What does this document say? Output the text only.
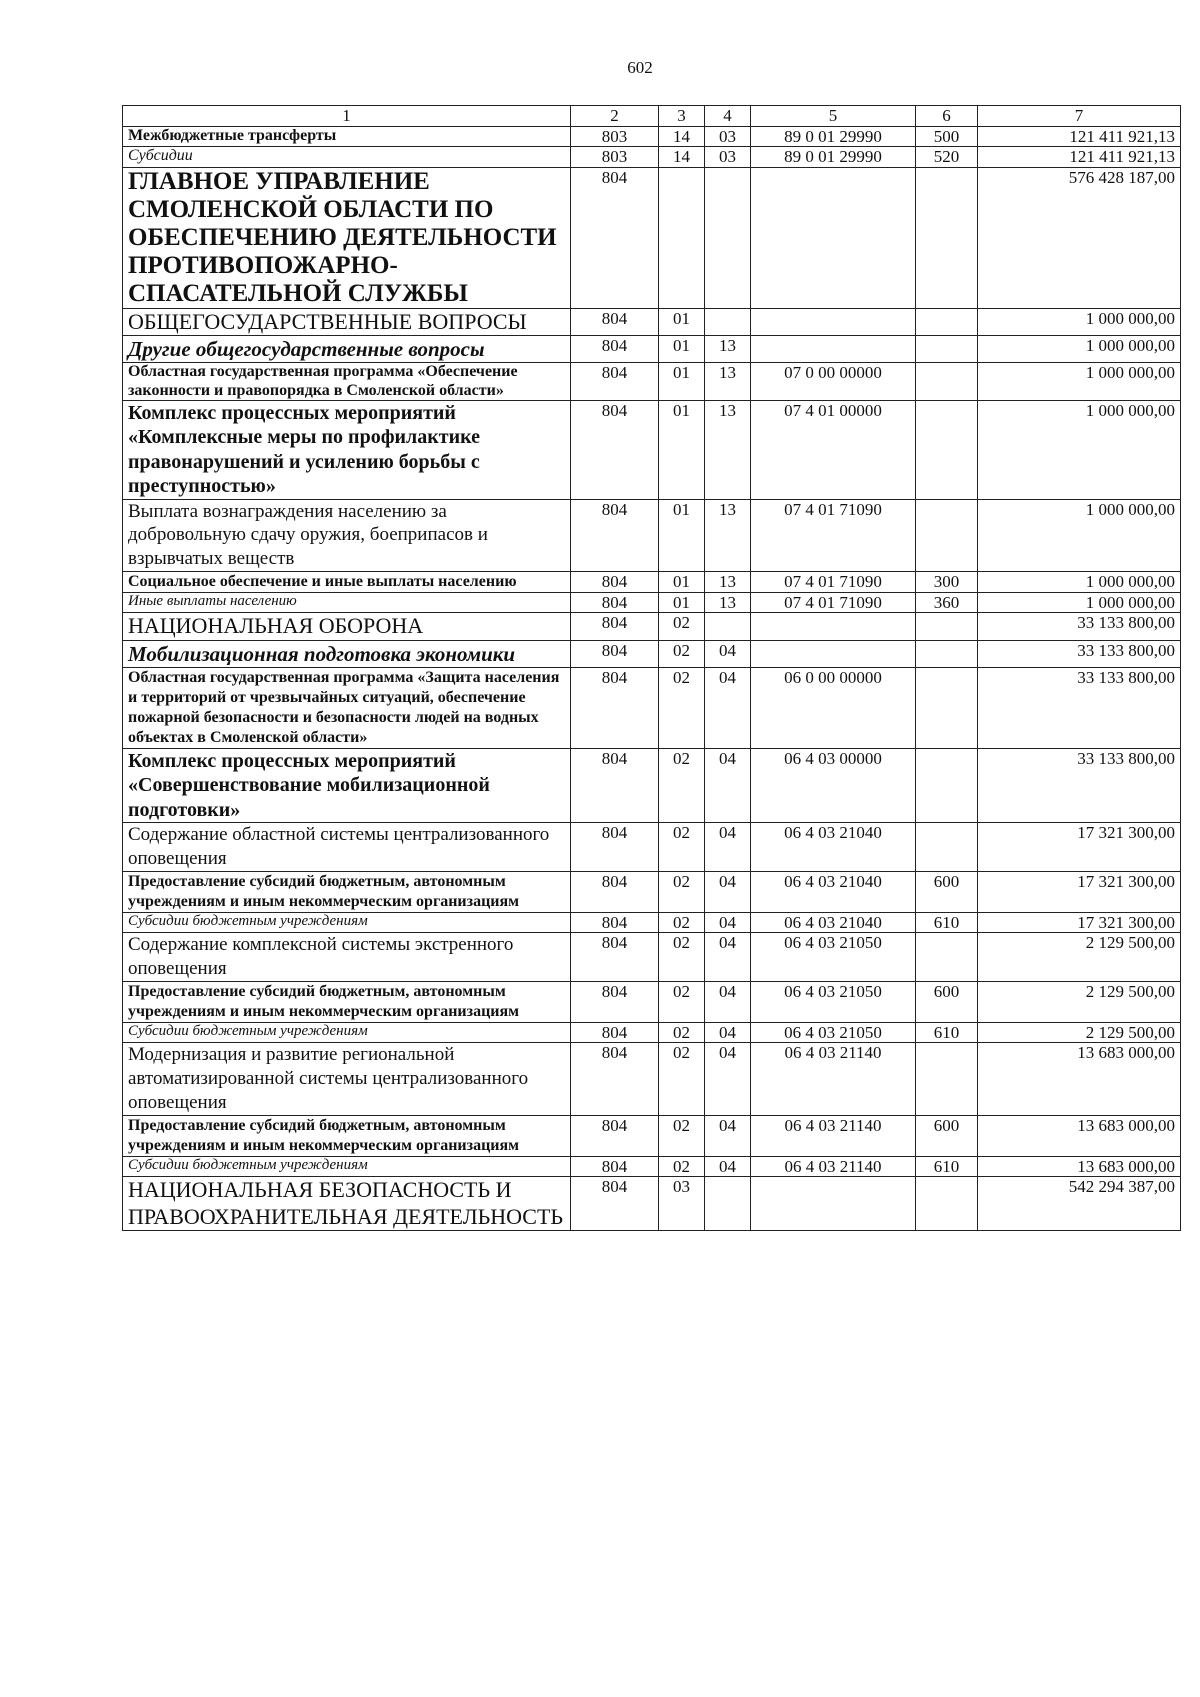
602
1	2	3	4	5	6	7
Межбюджетные трансферты	803	14	03	89 0 01 29990	500	121 411 921,13
Субсидии	803	14	03	89 0 01 29990	520	121 411 921,13
ГЛАВНОЕ УПРАВЛЕНИЕ СМОЛЕНСКОЙ ОБЛАСТИ ПО ОБЕСПЕЧЕНИЮ ДЕЯТЕЛЬНОСТИ ПРОТИВОПОЖАРНО-СПАСАТЕЛЬНОЙ СЛУЖБЫ	804					576 428 187,00
ОБЩЕГОСУДАРСТВЕННЫЕ ВОПРОСЫ	804	01				1 000 000,00
Другие общегосударственные вопросы	804	01	13			1 000 000,00
Областная государственная программа «Обеспечение законности и правопорядка в Смоленской области»	804	01	13	07 0 00 00000		1 000 000,00
Комплекс процессных мероприятий «Комплексные меры по профилактике правонарушений и усилению борьбы с преступностью»	804	01	13	07 4 01 00000		1 000 000,00
Выплата вознаграждения населению за добровольную сдачу оружия, боеприпасов и взрывчатых веществ	804	01	13	07 4 01 71090		1 000 000,00
Социальное обеспечение и иные выплаты населению	804	01	13	07 4 01 71090	300	1 000 000,00
Иные выплаты населению	804	01	13	07 4 01 71090	360	1 000 000,00
НАЦИОНАЛЬНАЯ ОБОРОНА	804	02				33 133 800,00
Мобилизационная подготовка экономики	804	02	04			33 133 800,00
Областная государственная программа «Защита населения и территорий от чрезвычайных ситуаций, обеспечение пожарной безопасности и безопасности людей на водных объектах в Смоленской области»	804	02	04	06 0 00 00000		33 133 800,00
Комплекс процессных мероприятий «Совершенствование мобилизационной подготовки»	804	02	04	06 4 03 00000		33 133 800,00
Содержание областной системы централизованного оповещения	804	02	04	06 4 03 21040		17 321 300,00
Предоставление субсидий бюджетным, автономным учреждениям и иным некоммерческим организациям	804	02	04	06 4 03 21040	600	17 321 300,00
Субсидии бюджетным учреждениям	804	02	04	06 4 03 21040	610	17 321 300,00
Содержание комплексной системы экстренного оповещения	804	02	04	06 4 03 21050		2 129 500,00
Предоставление субсидий бюджетным, автономным учреждениям и иным некоммерческим организациям	804	02	04	06 4 03 21050	600	2 129 500,00
Субсидии бюджетным учреждениям	804	02	04	06 4 03 21050	610	2 129 500,00
Модернизация и развитие региональной автоматизированной системы централизованного оповещения	804	02	04	06 4 03 21140		13 683 000,00
Предоставление субсидий бюджетным, автономным учреждениям и иным некоммерческим организациям	804	02	04	06 4 03 21140	600	13 683 000,00
Субсидии бюджетным учреждениям	804	02	04	06 4 03 21140	610	13 683 000,00
НАЦИОНАЛЬНАЯ БЕЗОПАСНОСТЬ И ПРАВООХРАНИТЕЛЬНАЯ ДЕЯТЕЛЬНОСТЬ	804	03				542 294 387,00
